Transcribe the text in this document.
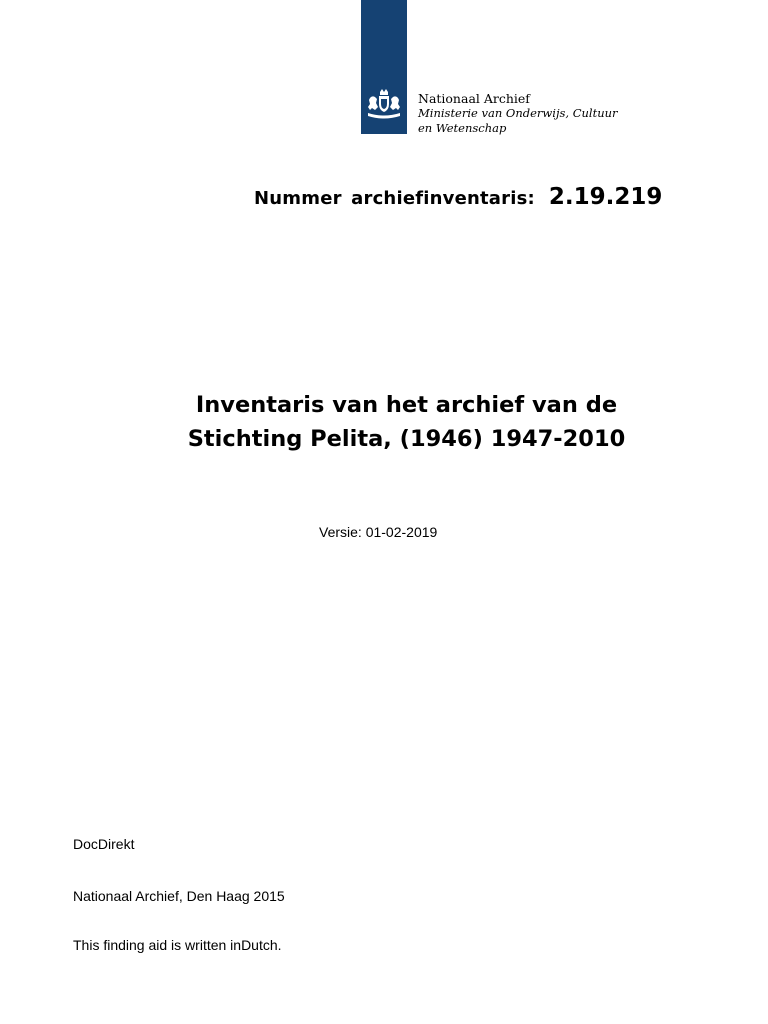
Nationaal Archief
Ministerie van Onderwijs, Cultuur en Wetenschap
Nummer archiefinventaris: 2.19.219
Inventaris van het archief van de
Stichting Pelita, (1946) 1947-2010
Versie: 01-02-2019
DocDirekt
Nationaal Archief, Den Haag 2015
This finding aid is written inDutch.
